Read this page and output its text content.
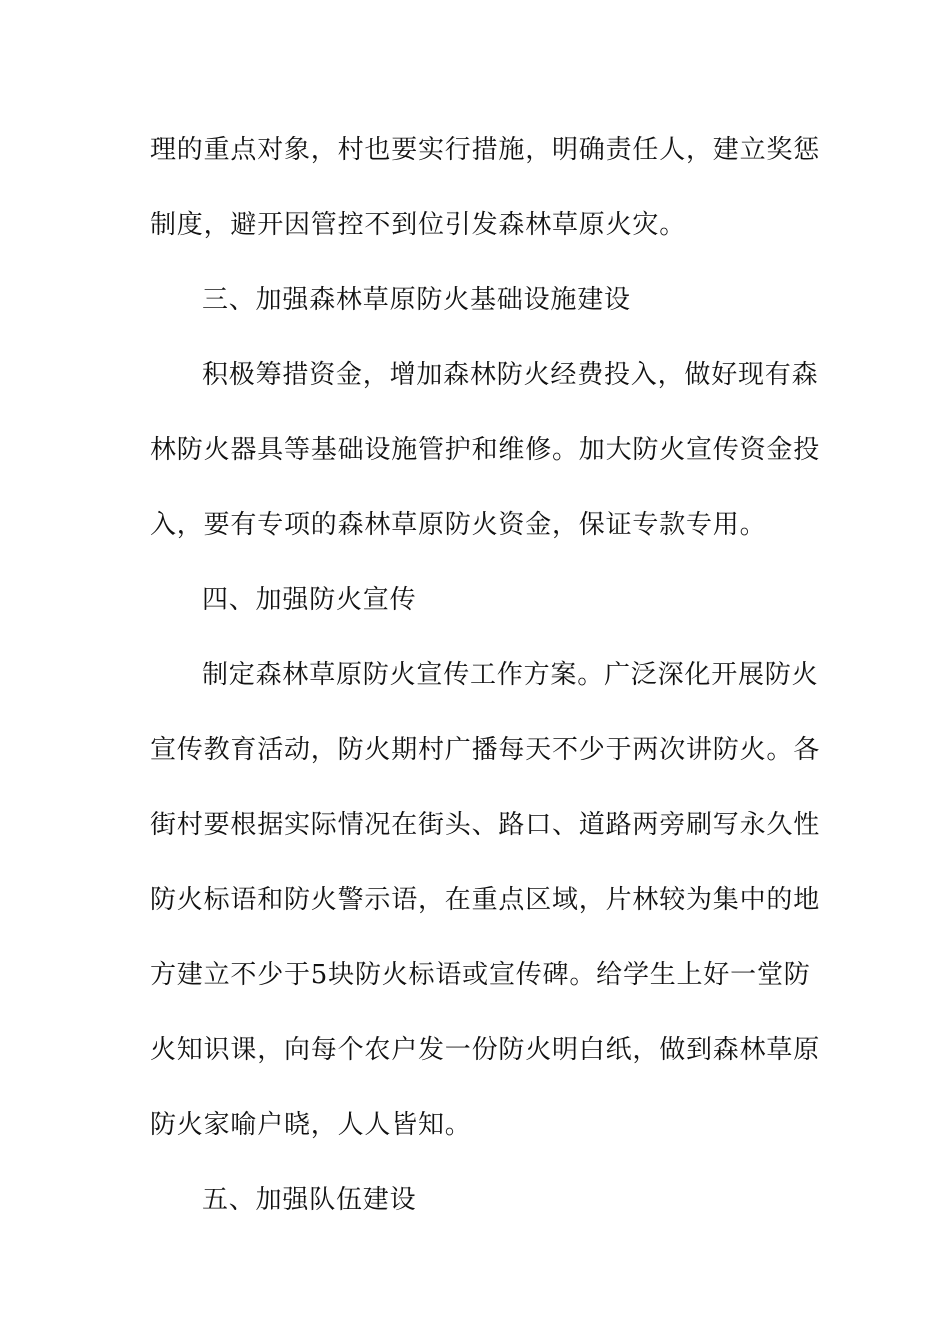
理的重点对象，村也要实行措施，明确责任人，建立奖惩
制度，避开因管控不到位引发森林草原火灾。
三、加强森林草原防火基础设施建设
积极筹措资金，增加森林防火经费投入，做好现有森
林防火器具等基础设施管护和维修。加大防火宣传资金投
入，要有专项的森林草原防火资金，保证专款专用。
四、加强防火宣传
制定森林草原防火宣传工作方案。广泛深化开展防火
宣传教育活动，防火期村广播每天不少于两次讲防火。各
街村要根据实际情况在街头、路口、道路两旁刷写永久性
防火标语和防火警示语，在重点区域，片林较为集中的地
方建立不少于5块防火标语或宣传碑。给学生上好一堂防
火知识课，向每个农户发一份防火明白纸，做到森林草原
防火家喻户晓，人人皆知。
五、加强队伍建设
